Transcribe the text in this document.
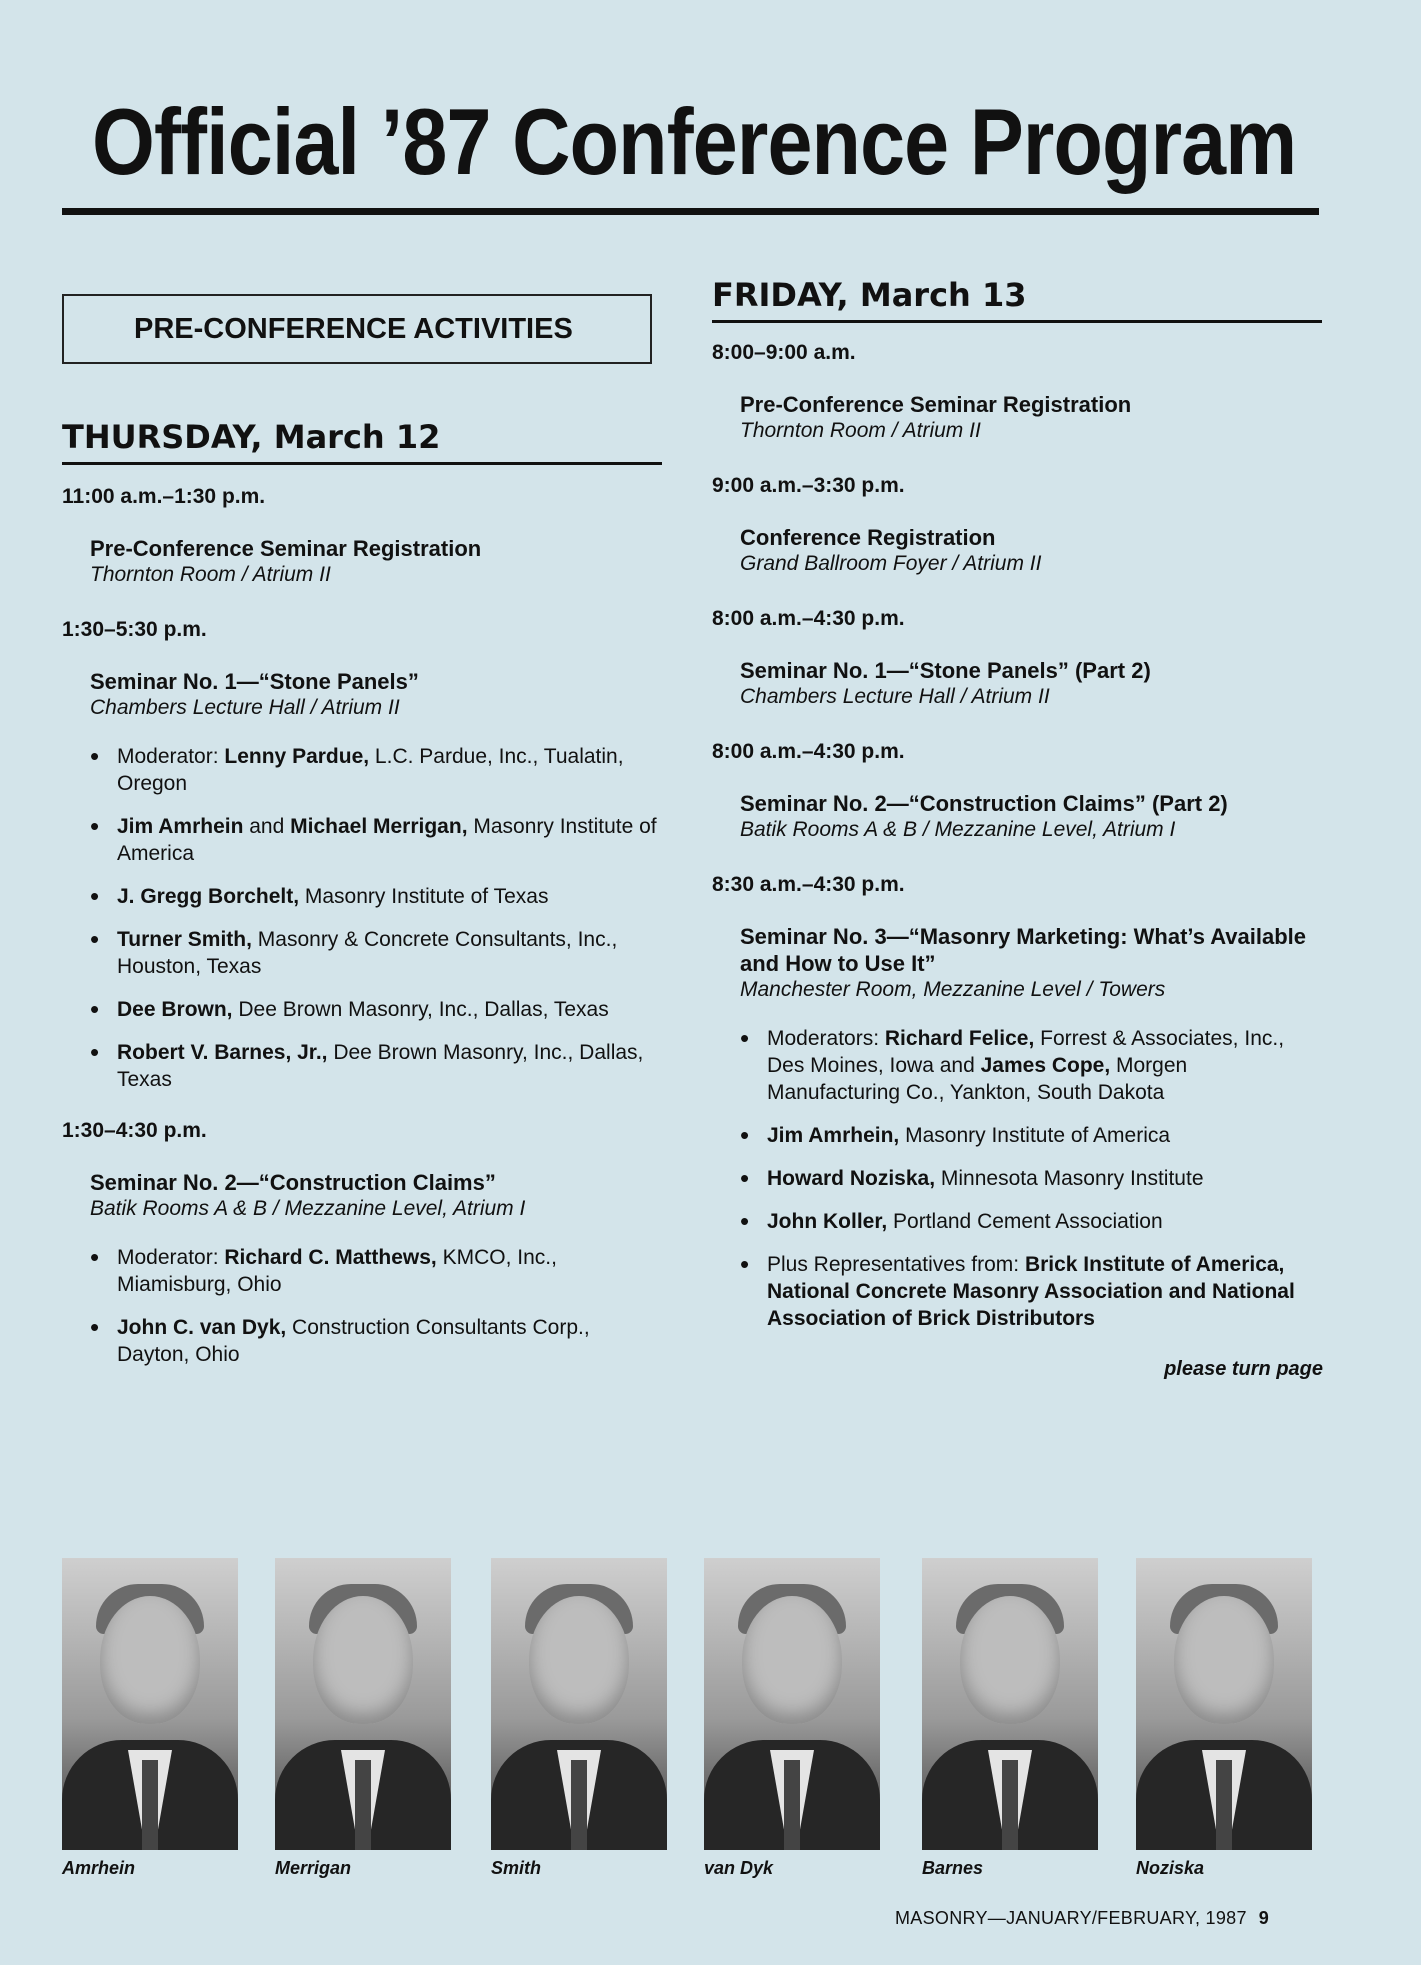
Official ’87 Conference Program
PRE-CONFERENCE ACTIVITIES
THURSDAY, March 12
11:00 a.m.–1:30 p.m.
Pre-Conference Seminar Registration
Thornton Room / Atrium II
1:30–5:30 p.m.
Seminar No. 1—“Stone Panels”
Chambers Lecture Hall / Atrium II
• Moderator: Lenny Pardue, L.C. Pardue, Inc., Tualatin, Oregon
• Jim Amrhein and Michael Merrigan, Masonry Institute of America
• J. Gregg Borchelt, Masonry Institute of Texas
• Turner Smith, Masonry & Concrete Consultants, Inc., Houston, Texas
• Dee Brown, Dee Brown Masonry, Inc., Dallas, Texas
• Robert V. Barnes, Jr., Dee Brown Masonry, Inc., Dallas, Texas
1:30–4:30 p.m.
Seminar No. 2—“Construction Claims”
Batik Rooms A & B / Mezzanine Level, Atrium I
• Moderator: Richard C. Matthews, KMCO, Inc., Miamisburg, Ohio
• John C. van Dyk, Construction Consultants Corp., Dayton, Ohio
FRIDAY, March 13
8:00–9:00 a.m.
Pre-Conference Seminar Registration
Thornton Room / Atrium II
9:00 a.m.–3:30 p.m.
Conference Registration
Grand Ballroom Foyer / Atrium II
8:00 a.m.–4:30 p.m.
Seminar No. 1—“Stone Panels” (Part 2)
Chambers Lecture Hall / Atrium II
8:00 a.m.–4:30 p.m.
Seminar No. 2—“Construction Claims” (Part 2)
Batik Rooms A & B / Mezzanine Level, Atrium I
8:30 a.m.–4:30 p.m.
Seminar No. 3—“Masonry Marketing: What’s Available and How to Use It”
Manchester Room, Mezzanine Level / Towers
• Moderators: Richard Felice, Forrest & Associates, Inc., Des Moines, Iowa and James Cope, Morgen Manufacturing Co., Yankton, South Dakota
• Jim Amrhein, Masonry Institute of America
• Howard Noziska, Minnesota Masonry Institute
• John Koller, Portland Cement Association
• Plus Representatives from: Brick Institute of America, National Concrete Masonry Association and National Association of Brick Distributors
please turn page
Amrhein	Merrigan	Smith	van Dyk	Barnes	Noziska
MASONRY—JANUARY/FEBRUARY, 1987 9
